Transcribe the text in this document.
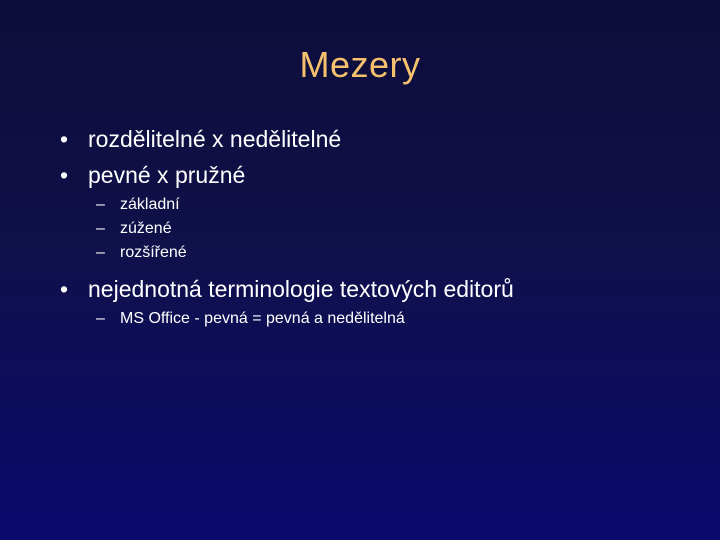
Mezery
• rozdělitelné x nedělitelné
• pevné x pružné
– základní
– zúžené
– rozšířené
• nejednotná terminologie textových editorů
– MS Office - pevná = pevná a nedělitelná
